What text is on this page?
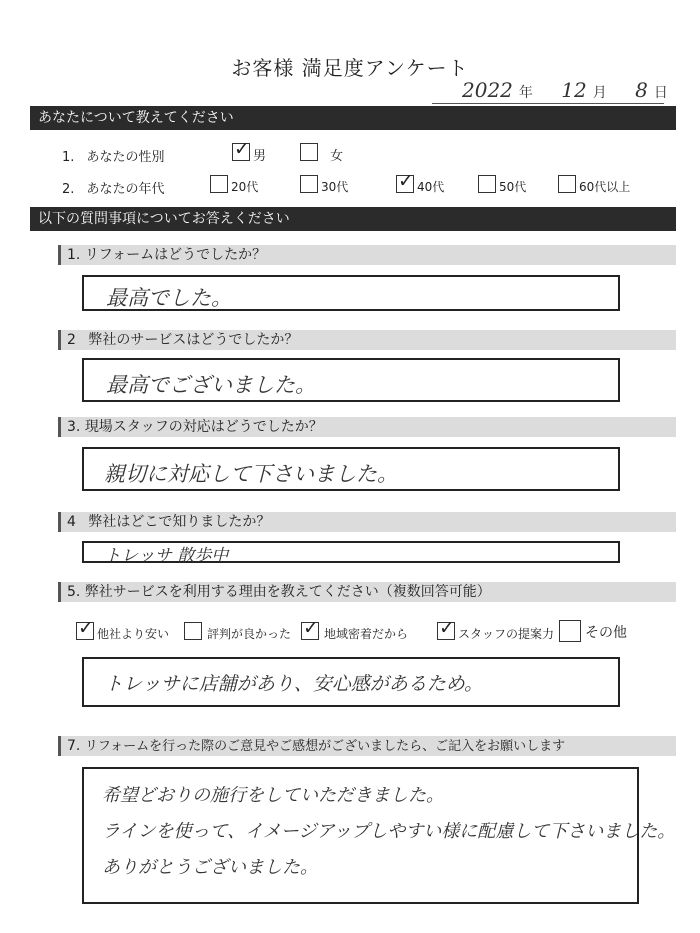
お客様 満足度アンケート
2022 年 12 月 8 日
あなたについて教えてください
1. あなたの性別 ✓	男	女
2. あなたの年代	20代	30代 ✓	40代	50代	60代以上
以下の質問事項についてお答えください
1. リフォームはどうでしたか？
最高でした。
2 弊社のサービスはどうでしたか？
最高でございました。
3. 現場スタッフの対応はどうでしたか？
親切に対応して下さいました。
4 弊社はどこで知りましたか？
トレッサ 散歩中
5. 弊社サービスを利用する理由を教えてください（複数回答可能）
✓
他社より安い	評判が良かった ✓	地域密着だから ✓	スタッフの提案力 その他
トレッサに店舗があり、安心感があるため。
7. リフォームを行った際のご意見やご感想がございましたら、ご記入をお願いします
希望どおりの施行をしていただきました。
ラインを使って、イメージアップしやすい様に配慮して下さいました。
ありがとうございました。
